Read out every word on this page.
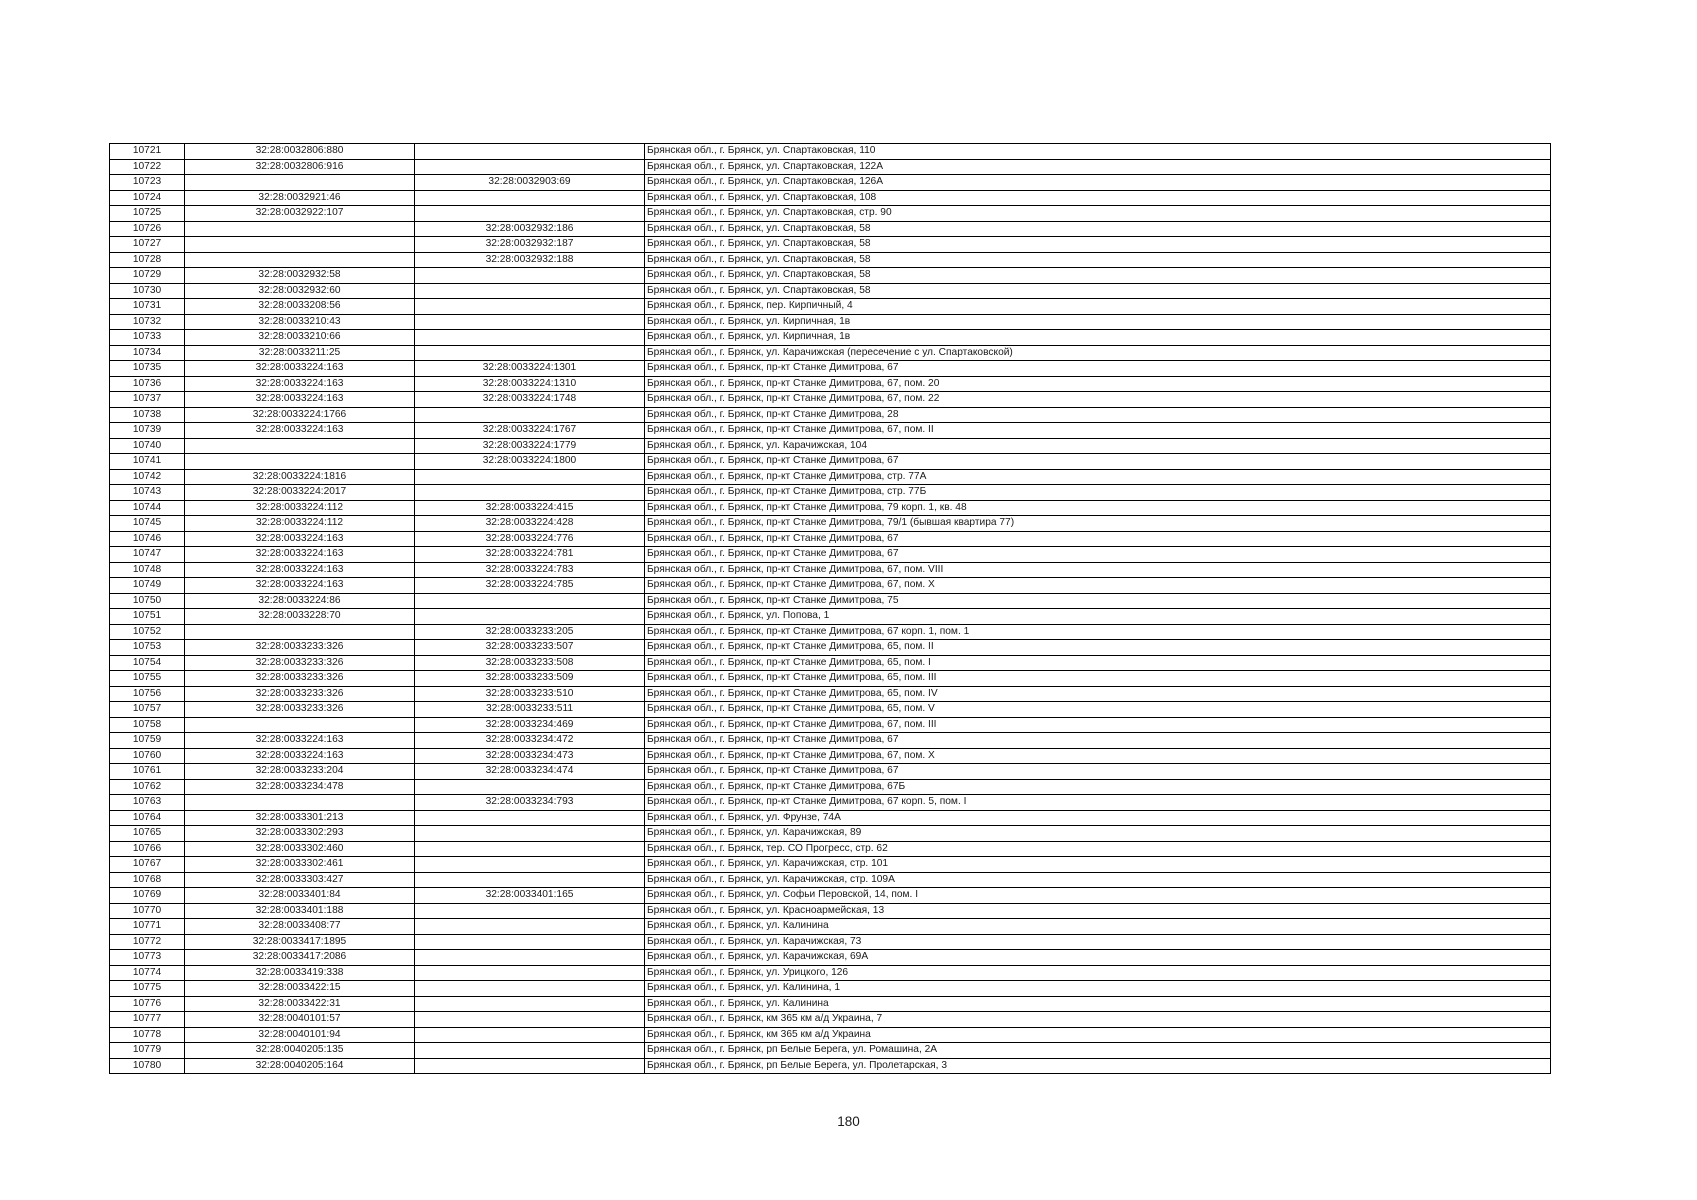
10721	32:28:0032806:880		Брянская обл., г. Брянск, ул. Спартаковская, 110
10722	32:28:0032806:916		Брянская обл., г. Брянск, ул. Спартаковская, 122А
10723		32:28:0032903:69	Брянская обл., г. Брянск, ул. Спартаковская, 126А
10724	32:28:0032921:46		Брянская обл., г. Брянск, ул. Спартаковская, 108
10725	32:28:0032922:107		Брянская обл., г. Брянск, ул. Спартаковская, стр. 90
10726		32:28:0032932:186	Брянская обл., г. Брянск, ул. Спартаковская, 58
10727		32:28:0032932:187	Брянская обл., г. Брянск, ул. Спартаковская, 58
10728		32:28:0032932:188	Брянская обл., г. Брянск, ул. Спартаковская, 58
10729	32:28:0032932:58		Брянская обл., г. Брянск, ул. Спартаковская, 58
10730	32:28:0032932:60		Брянская обл., г. Брянск, ул. Спартаковская, 58
10731	32:28:0033208:56		Брянская обл., г. Брянск, пер. Кирпичный, 4
10732	32:28:0033210:43		Брянская обл., г. Брянск, ул. Кирпичная, 1в
10733	32:28:0033210:66		Брянская обл., г. Брянск, ул. Кирпичная, 1в
10734	32:28:0033211:25		Брянская обл., г. Брянск, ул. Карачижская (пересечение с ул. Спартаковской)
10735	32:28:0033224:163	32:28:0033224:1301	Брянская обл., г. Брянск, пр-кт Станке Димитрова, 67
10736	32:28:0033224:163	32:28:0033224:1310	Брянская обл., г. Брянск, пр-кт Станке Димитрова, 67, пом. 20
10737	32:28:0033224:163	32:28:0033224:1748	Брянская обл., г. Брянск, пр-кт Станке Димитрова, 67, пом. 22
10738	32:28:0033224:1766		Брянская обл., г. Брянск, пр-кт Станке Димитрова, 28
10739	32:28:0033224:163	32:28:0033224:1767	Брянская обл., г. Брянск, пр-кт Станке Димитрова, 67, пом. II
10740		32:28:0033224:1779	Брянская обл., г. Брянск, ул. Карачижская, 104
10741		32:28:0033224:1800	Брянская обл., г. Брянск, пр-кт Станке Димитрова, 67
10742	32:28:0033224:1816		Брянская обл., г. Брянск, пр-кт Станке Димитрова, стр. 77А
10743	32:28:0033224:2017		Брянская обл., г. Брянск, пр-кт Станке Димитрова, стр. 77Б
10744	32:28:0033224:112	32:28:0033224:415	Брянская обл., г. Брянск, пр-кт Станке Димитрова, 79 корп. 1, кв. 48
10745	32:28:0033224:112	32:28:0033224:428	Брянская обл., г. Брянск, пр-кт Станке Димитрова, 79/1 (бывшая квартира 77)
10746	32:28:0033224:163	32:28:0033224:776	Брянская обл., г. Брянск, пр-кт Станке Димитрова, 67
10747	32:28:0033224:163	32:28:0033224:781	Брянская обл., г. Брянск, пр-кт Станке Димитрова, 67
10748	32:28:0033224:163	32:28:0033224:783	Брянская обл., г. Брянск, пр-кт Станке Димитрова, 67, пом. VIII
10749	32:28:0033224:163	32:28:0033224:785	Брянская обл., г. Брянск, пр-кт Станке Димитрова, 67, пом. X
10750	32:28:0033224:86		Брянская обл., г. Брянск, пр-кт Станке Димитрова, 75
10751	32:28:0033228:70		Брянская обл., г. Брянск, ул. Попова, 1
10752		32:28:0033233:205	Брянская обл., г. Брянск, пр-кт Станке Димитрова, 67 корп. 1, пом. 1
10753	32:28:0033233:326	32:28:0033233:507	Брянская обл., г. Брянск, пр-кт Станке Димитрова, 65, пом. II
10754	32:28:0033233:326	32:28:0033233:508	Брянская обл., г. Брянск, пр-кт Станке Димитрова, 65, пом. I
10755	32:28:0033233:326	32:28:0033233:509	Брянская обл., г. Брянск, пр-кт Станке Димитрова, 65, пом. III
10756	32:28:0033233:326	32:28:0033233:510	Брянская обл., г. Брянск, пр-кт Станке Димитрова, 65, пом. IV
10757	32:28:0033233:326	32:28:0033233:511	Брянская обл., г. Брянск, пр-кт Станке Димитрова, 65, пом. V
10758		32:28:0033234:469	Брянская обл., г. Брянск, пр-кт Станке Димитрова, 67, пом. III
10759	32:28:0033224:163	32:28:0033234:472	Брянская обл., г. Брянск, пр-кт Станке Димитрова, 67
10760	32:28:0033224:163	32:28:0033234:473	Брянская обл., г. Брянск, пр-кт Станке Димитрова, 67, пом. X
10761	32:28:0033233:204	32:28:0033234:474	Брянская обл., г. Брянск, пр-кт Станке Димитрова, 67
10762	32:28:0033234:478		Брянская обл., г. Брянск, пр-кт Станке Димитрова, 67Б
10763		32:28:0033234:793	Брянская обл., г. Брянск, пр-кт Станке Димитрова, 67 корп. 5, пом. I
10764	32:28:0033301:213		Брянская обл., г. Брянск, ул. Фрунзе, 74А
10765	32:28:0033302:293		Брянская обл., г. Брянск, ул. Карачижская, 89
10766	32:28:0033302:460		Брянская обл., г. Брянск, тер. СО Прогресс, стр. 62
10767	32:28:0033302:461		Брянская обл., г. Брянск, ул. Карачижская, стр. 101
10768	32:28:0033303:427		Брянская обл., г. Брянск, ул. Карачижская, стр. 109А
10769	32:28:0033401:84	32:28:0033401:165	Брянская обл., г. Брянск, ул. Софьи Перовской, 14, пом. I
10770	32:28:0033401:188		Брянская обл., г. Брянск, ул. Красноармейская, 13
10771	32:28:0033408:77		Брянская обл., г. Брянск, ул. Калинина
10772	32:28:0033417:1895		Брянская обл., г. Брянск, ул. Карачижская, 73
10773	32:28:0033417:2086		Брянская обл., г. Брянск, ул. Карачижская, 69А
10774	32:28:0033419:338		Брянская обл., г. Брянск, ул. Урицкого, 126
10775	32:28:0033422:15		Брянская обл., г. Брянск, ул. Калинина, 1
10776	32:28:0033422:31		Брянская обл., г. Брянск, ул. Калинина
10777	32:28:0040101:57		Брянская обл., г. Брянск, км 365 км а/д Украина, 7
10778	32:28:0040101:94		Брянская обл., г. Брянск, км 365 км а/д Украина
10779	32:28:0040205:135		Брянская обл., г. Брянск, рп Белые Берега, ул. Ромашина, 2А
10780	32:28:0040205:164		Брянская обл., г. Брянск, рп Белые Берега, ул. Пролетарская, 3
180
